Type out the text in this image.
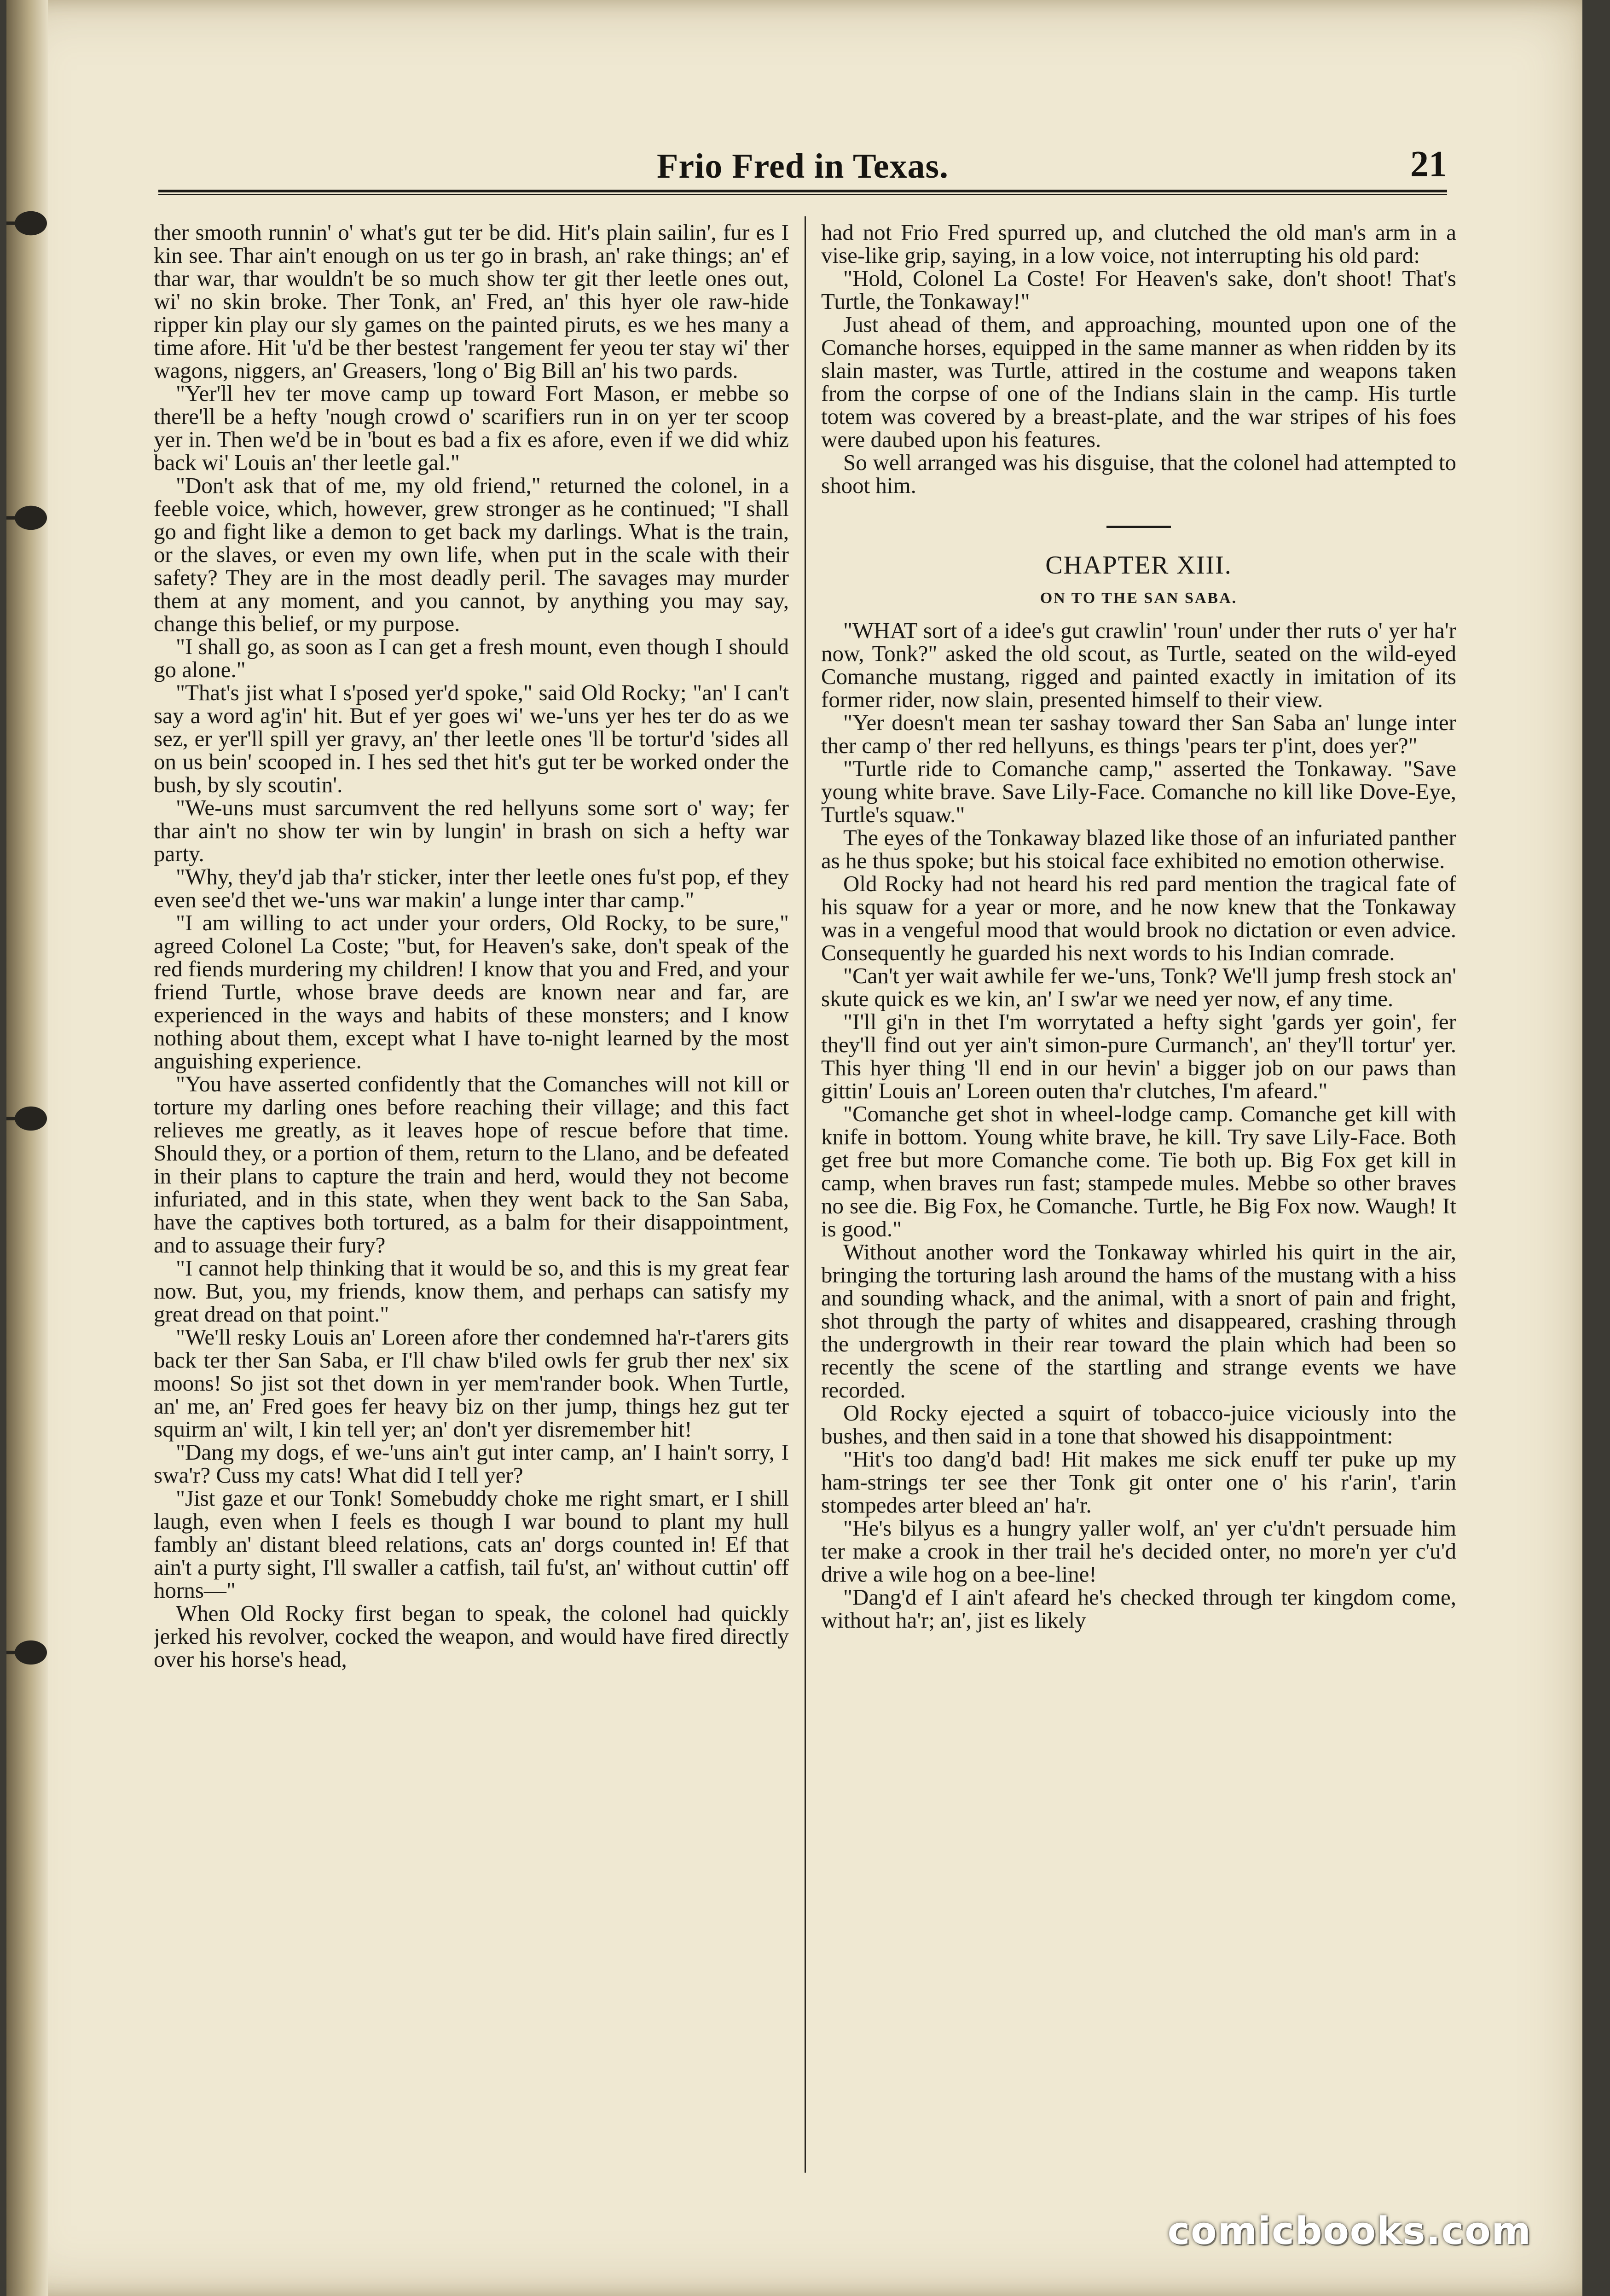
Frio Fred in Texas.	21

ther smooth runnin' o' what's gut ter be did. Hit's plain sailin', fur es I kin see. Thar ain't enough on us ter go in brash, an' rake things; an' ef thar war, thar wouldn't be so much show ter git ther leetle ones out, wi' no skin broke. Ther Tonk, an' Fred, an' this hyer ole raw-hide ripper kin play our sly games on the painted piruts, es we hes many a time afore. Hit 'u'd be ther bestest 'rangement fer yeou ter stay wi' ther wagons, niggers, an' Greasers, 'long o' Big Bill an' his two pards.

"Yer'll hev ter move camp up toward Fort Mason, er mebbe so there'll be a hefty 'nough crowd o' scarifiers run in on yer ter scoop yer in. Then we'd be in 'bout es bad a fix es afore, even if we did whiz back wi' Louis an' ther leetle gal."

"Don't ask that of me, my old friend," returned the colonel, in a feeble voice, which, however, grew stronger as he continued; "I shall go and fight like a demon to get back my darlings. What is the train, or the slaves, or even my own life, when put in the scale with their safety? They are in the most deadly peril. The savages may murder them at any moment, and you cannot, by anything you may say, change this belief, or my purpose.

"I shall go, as soon as I can get a fresh mount, even though I should go alone."

"That's jist what I s'posed yer'd spoke," said Old Rocky; "an' I can't say a word ag'in' hit. But ef yer goes wi' we-'uns yer hes ter do as we sez, er yer'll spill yer gravy, an' ther leetle ones 'll be tortur'd 'sides all on us bein' scooped in. I hes sed thet hit's gut ter be worked onder the bush, by sly scoutin'.

"We-uns must sarcumvent the red hellyuns some sort o' way; fer thar ain't no show ter win by lungin' in brash on sich a hefty war party.

"Why, they'd jab tha'r sticker, inter ther leetle ones fu'st pop, ef they even see'd thet we-'uns war makin' a lunge inter thar camp."

"I am willing to act under your orders, Old Rocky, to be sure," agreed Colonel La Coste; "but, for Heaven's sake, don't speak of the red fiends murdering my children! I know that you and Fred, and your friend Turtle, whose brave deeds are known near and far, are experienced in the ways and habits of these monsters; and I know nothing about them, except what I have to-night learned by the most anguishing experience.

"You have asserted confidently that the Comanches will not kill or torture my darling ones before reaching their village; and this fact relieves me greatly, as it leaves hope of rescue before that time. Should they, or a portion of them, return to the Llano, and be defeated in their plans to capture the train and herd, would they not become infuriated, and in this state, when they went back to the San Saba, have the captives both tortured, as a balm for their disappointment, and to assuage their fury?

"I cannot help thinking that it would be so, and this is my great fear now. But, you, my friends, know them, and perhaps can satisfy my great dread on that point."

"We'll resky Louis an' Loreen afore ther condemned ha'r-t'arers gits back ter ther San Saba, er I'll chaw b'iled owls fer grub ther nex' six moons! So jist sot thet down in yer mem'rander book. When Turtle, an' me, an' Fred goes fer heavy biz on ther jump, things hez gut ter squirm an' wilt, I kin tell yer; an' don't yer disremember hit!

"Dang my dogs, ef we-'uns ain't gut inter camp, an' I hain't sorry, I swa'r? Cuss my cats! What did I tell yer?

"Jist gaze et our Tonk! Somebuddy choke me right smart, er I shill laugh, even when I feels es though I war bound to plant my hull fambly an' distant bleed relations, cats an' dorgs counted in! Ef that ain't a purty sight, I'll swaller a catfish, tail fu'st, an' without cuttin' off horns—"

When Old Rocky first began to speak, the colonel had quickly jerked his revolver, cocked the weapon, and would have fired directly over his horse's head,

had not Frio Fred spurred up, and clutched the old man's arm in a vise-like grip, saying, in a low voice, not interrupting his old pard:

"Hold, Colonel La Coste! For Heaven's sake, don't shoot! That's Turtle, the Tonkaway!"

Just ahead of them, and approaching, mounted upon one of the Comanche horses, equipped in the same manner as when ridden by its slain master, was Turtle, attired in the costume and weapons taken from the corpse of one of the Indians slain in the camp. His turtle totem was covered by a breast-plate, and the war stripes of his foes were daubed upon his features.

So well arranged was his disguise, that the colonel had attempted to shoot him.

CHAPTER XIII.
ON TO THE SAN SABA.

"WHAT sort of a idee's gut crawlin' 'roun' under ther ruts o' yer ha'r now, Tonk?" asked the old scout, as Turtle, seated on the wild-eyed Comanche mustang, rigged and painted exactly in imitation of its former rider, now slain, presented himself to their view.

"Yer doesn't mean ter sashay toward ther San Saba an' lunge inter ther camp o' ther red hellyuns, es things 'pears ter p'int, does yer?"

"Turtle ride to Comanche camp," asserted the Tonkaway. "Save young white brave. Save Lily-Face. Comanche no kill like Dove-Eye, Turtle's squaw."

The eyes of the Tonkaway blazed like those of an infuriated panther as he thus spoke; but his stoical face exhibited no emotion otherwise.

Old Rocky had not heard his red pard mention the tragical fate of his squaw for a year or more, and he now knew that the Tonkaway was in a vengeful mood that would brook no dictation or even advice. Consequently he guarded his next words to his Indian comrade.

"Can't yer wait awhile fer we-'uns, Tonk? We'll jump fresh stock an' skute quick es we kin, an' I sw'ar we need yer now, ef any time.

"I'll gi'n in thet I'm worrytated a hefty sight 'gards yer goin', fer they'll find out yer ain't simon-pure Curmanch', an' they'll tortur' yer. This hyer thing 'll end in our hevin' a bigger job on our paws than gittin' Louis an' Loreen outen tha'r clutches, I'm afeard."

"Comanche get shot in wheel-lodge camp. Comanche get kill with knife in bottom. Young white brave, he kill. Try save Lily-Face. Both get free but more Comanche come. Tie both up. Big Fox get kill in camp, when braves run fast; stampede mules. Mebbe so other braves no see die. Big Fox, he Comanche. Turtle, he Big Fox now. Waugh! It is good."

Without another word the Tonkaway whirled his quirt in the air, bringing the torturing lash around the hams of the mustang with a hiss and sounding whack, and the animal, with a snort of pain and fright, shot through the party of whites and disappeared, crashing through the undergrowth in their rear toward the plain which had been so recently the scene of the startling and strange events we have recorded.

Old Rocky ejected a squirt of tobacco-juice viciously into the bushes, and then said in a tone that showed his disappointment:

"Hit's too dang'd bad! Hit makes me sick enuff ter puke up my ham-strings ter see ther Tonk git onter one o' his r'arin', t'arin stompedes arter bleed an' ha'r.

"He's bilyus es a hungry yaller wolf, an' yer c'u'dn't persuade him ter make a crook in ther trail he's decided onter, no more'n yer c'u'd drive a wile hog on a bee-line!

"Dang'd ef I ain't afeard he's checked through ter kingdom come, without ha'r; an', jist es likely

comicbooks.com
